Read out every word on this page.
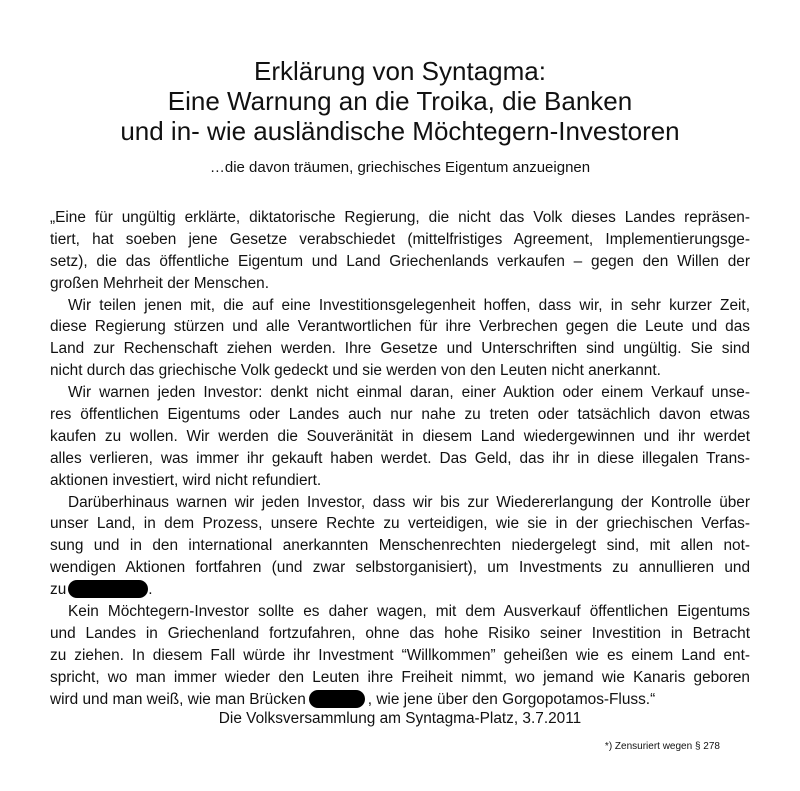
Erklärung von Syntagma:
Eine Warnung an die Troika, die Banken
und in- wie ausländische Möchtegern-Investoren
…die davon träumen, griechisches Eigentum anzueignen
„Eine für ungültig erklärte, diktatorische Regierung, die nicht das Volk dieses Landes repräsen-
tiert, hat soeben jene Gesetze verabschiedet (mittelfristiges Agreement, Implementierungsge-
setz), die das öffentliche Eigentum und Land Griechenlands verkaufen – gegen den Willen der
großen Mehrheit der Menschen.
Wir teilen jenen mit, die auf eine Investitionsgelegenheit hoffen, dass wir, in sehr kurzer Zeit,
diese Regierung stürzen und alle Verantwortlichen für ihre Verbrechen gegen die Leute und das
Land zur Rechenschaft ziehen werden. Ihre Gesetze und Unterschriften sind ungültig. Sie sind
nicht durch das griechische Volk gedeckt und sie werden von den Leuten nicht anerkannt.
Wir warnen jeden Investor: denkt nicht einmal daran, einer Auktion oder einem Verkauf unse-
res öffentlichen Eigentums oder Landes auch nur nahe zu treten oder tatsächlich davon etwas
kaufen zu wollen. Wir werden die Souveränität in diesem Land wiedergewinnen und ihr werdet
alles verlieren, was immer ihr gekauft haben werdet. Das Geld, das ihr in diese illegalen Trans-
aktionen investiert, wird nicht refundiert.
Darüberhinaus warnen wir jeden Investor, dass wir bis zur Wiedererlangung der Kontrolle über
unser Land, in dem Prozess, unsere Rechte zu verteidigen, wie sie in der griechischen Verfas-
sung und in den international anerkannten Menschenrechten niedergelegt sind, mit allen not-
wendigen Aktionen fortfahren (und zwar selbstorganisiert), um Investments zu annullieren und
zu	.
Kein Möchtegern-Investor sollte es daher wagen, mit dem Ausverkauf öffentlichen Eigentums
und Landes in Griechenland fortzufahren, ohne das hohe Risiko seiner Investition in Betracht
zu ziehen. In diesem Fall würde ihr Investment “Willkommen” geheißen wie es einem Land ent-
spricht, wo man immer wieder den Leuten ihre Freiheit nimmt, wo jemand wie Kanaris geboren
wird und man weiß, wie man Brücken	, wie jene über den Gorgopotamos-Fluss.“
Die Volksversammlung am Syntagma-Platz, 3.7.2011
*) Zensuriert wegen § 278
